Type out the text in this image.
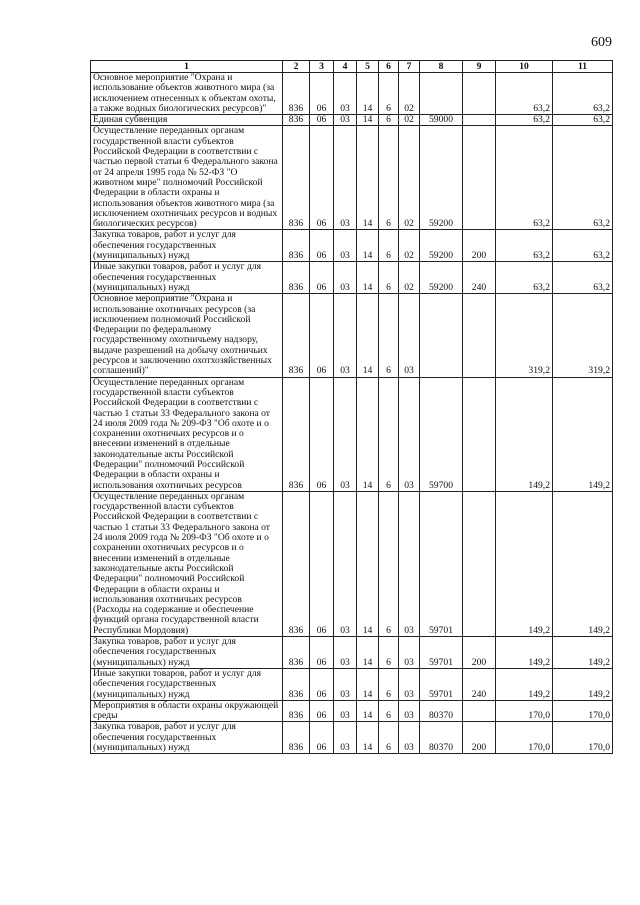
609
1	2	3	4	5	6	7	8	9	10	11
Основное мероприятие "Охрана и использование объектов животного мира (за исключением отнесенных к объектам охоты, а также водных биологических ресурсов)"	836	06	03	14	6	02			63,2	63,2
Единая субвенция	836	06	03	14	6	02	59000		63,2	63,2
Осуществление переданных органам государственной власти субъектов Российской Федерации в соответствии с частью первой статьи 6 Федерального закона от 24 апреля 1995 года № 52-ФЗ "О животном мире" полномочий Российской Федерации в области охраны и использования объектов животного мира (за исключением охотничьих ресурсов и водных биологических ресурсов)	836	06	03	14	6	02	59200		63,2	63,2
Закупка товаров, работ и услуг для обеспечения государственных (муниципальных) нужд	836	06	03	14	6	02	59200	200	63,2	63,2
Иные закупки товаров, работ и услуг для обеспечения государственных (муниципальных) нужд	836	06	03	14	6	02	59200	240	63,2	63,2
Основное мероприятие "Охрана и использование охотничьих ресурсов (за исключением полномочий Российской Федерации по федеральному государственному охотничьему надзору, выдаче разрешений на добычу охотничьих ресурсов и заключению охотхозяйственных соглашений)"	836	06	03	14	6	03			319,2	319,2
Осуществление переданных органам государственной власти субъектов Российской Федерации в соответствии с частью 1 статьи 33 Федерального закона от 24 июля 2009 года № 209-ФЗ "Об охоте и о сохранении охотничьих ресурсов и о внесении изменений в отдельные законодательные акты Российской Федерации" полномочий Российской Федерации в области охраны и использования охотничьих ресурсов	836	06	03	14	6	03	59700		149,2	149,2
Осуществление переданных органам государственной власти субъектов Российской Федерации в соответствии с частью 1 статьи 33 Федерального закона от 24 июля 2009 года № 209-ФЗ "Об охоте и о сохранении охотничьих ресурсов и о внесении изменений в отдельные законодательные акты Российской Федерации" полномочий Российской Федерации в области охраны и использования охотничьих ресурсов (Расходы на содержание и обеспечение функций органа государственной власти Республики Мордовия)	836	06	03	14	6	03	59701		149,2	149,2
Закупка товаров, работ и услуг для обеспечения государственных (муниципальных) нужд	836	06	03	14	6	03	59701	200	149,2	149,2
Иные закупки товаров, работ и услуг для обеспечения государственных (муниципальных) нужд	836	06	03	14	6	03	59701	240	149,2	149,2
Мероприятия в области охраны окружающей среды	836	06	03	14	6	03	80370		170,0	170,0
Закупка товаров, работ и услуг для обеспечения государственных (муниципальных) нужд	836	06	03	14	6	03	80370	200	170,0	170,0
